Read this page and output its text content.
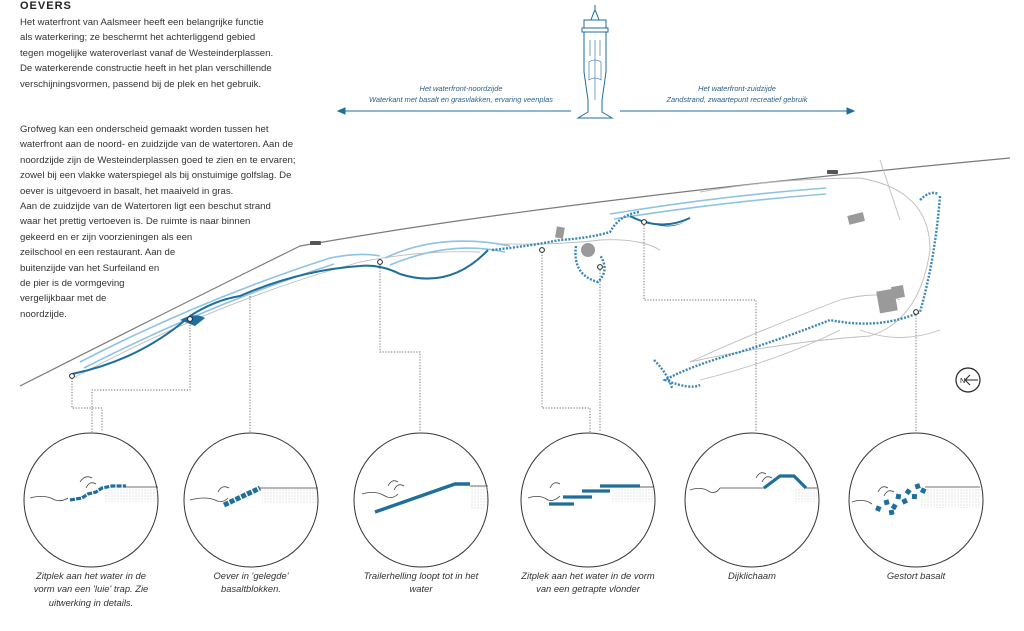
OEVERS
Het waterfront van Aalsmeer heeft een belangrijke functie
als waterkering; ze beschermt het achterliggend gebied
tegen mogelijke wateroverlast vanaf de Westeinderplassen.
De waterkerende constructie heeft in het plan verschillende
verschijningsvormen, passend bij de plek en het gebruik.
Grofweg kan een onderscheid gemaakt worden tussen het
waterfront aan de noord- en zuidzijde van de watertoren. Aan de
noordzijde zijn de Westeinderplassen goed te zien en te ervaren;
zowel bij een vlakke waterspiegel als bij onstuimige golfslag. De
oever is uitgevoerd in basalt, het maaiveld in gras.
Aan de zuidzijde van de Watertoren ligt een beschut strand
waar het prettig vertoeven is. De ruimte is naar binnen
gekeerd en er zijn voorzieningen als een
zeilschool en een restaurant. Aan de
buitenzijde van het Surfeiland en
de pier is de vormgeving
vergelijkbaar met de
noordzijde.
N
Het waterfront-noordzijde
Waterkant met basalt en grasvlakken, ervaring veenplas
Het waterfront-zuidzijde
Zandstrand, zwaartepunt recreatief gebruik
Zitplek aan het water in de
vorm van een 'luie' trap. Zie
uitwerking in details.
Oever in 'gelegde'
basaltblokken.
Trailerhelling loopt tot in het
water
Zitplek aan het water in de vorm
van een getrapte vlonder
Dijklichaam	Gestort basalt
